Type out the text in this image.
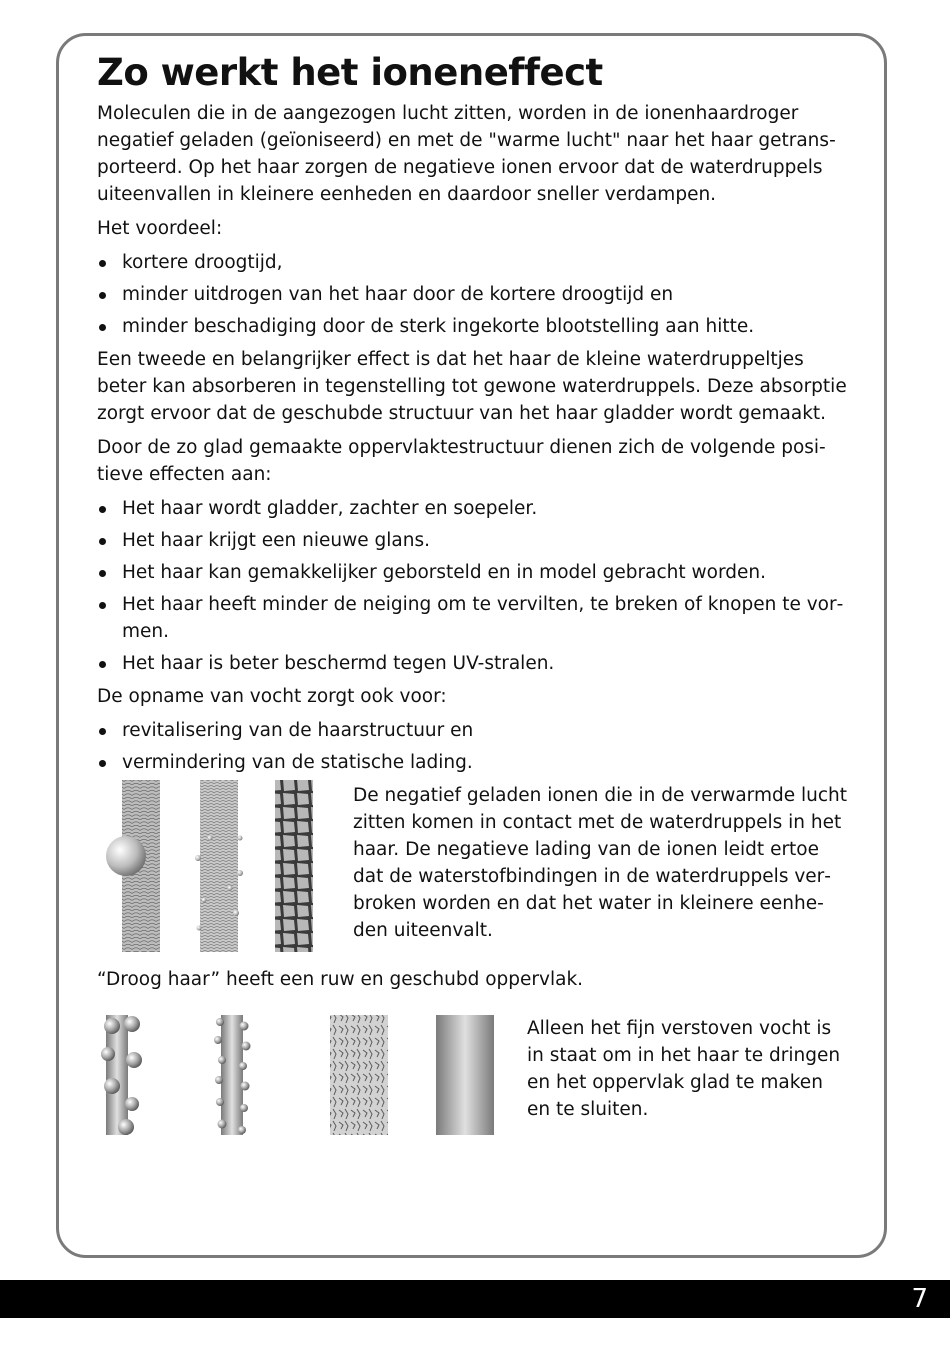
Zo werkt het ioneneffect

Moleculen die in de aangezogen lucht zitten, worden in de ionenhaardroger negatief geladen (geïoniseerd) en met de "warme lucht" naar het haar getransporteerd. Op het haar zorgen de negatieve ionen ervoor dat de waterdruppels uiteenvallen in kleinere eenheden en daardoor sneller verdampen.

Het voordeel:

kortere droogtijd,
minder uitdrogen van het haar door de kortere droogtijd en
minder beschadiging door de sterk ingekorte blootstelling aan hitte.

Een tweede en belangrijker effect is dat het haar de kleine waterdruppeltjes beter kan absorberen in tegenstelling tot gewone waterdruppels. Deze absorptie zorgt ervoor dat de geschubde structuur van het haar gladder wordt gemaakt.

Door de zo glad gemaakte oppervlaktestructuur dienen zich de volgende positieve effecten aan:

Het haar wordt gladder, zachter en soepeler.
Het haar krijgt een nieuwe glans.
Het haar kan gemakkelijker geborsteld en in model gebracht worden.
Het haar heeft minder de neiging om te vervilten, te breken of knopen te vormen.
Het haar is beter beschermd tegen UV-stralen.

De opname van vocht zorgt ook voor:

revitalisering van de haarstructuur en
vermindering van de statische lading.
De negatief geladen ionen die in de verwarmde lucht zitten komen in contact met de waterdruppels in het haar. De negatieve lading van de ionen leidt ertoe dat de waterstofbindingen in de waterdruppels verbroken worden en dat het water in kleinere eenheden uiteenvalt.
“Droog haar” heeft een ruw en geschubd oppervlak.
Alleen het fijn verstoven vocht is in staat om in het haar te dringen en het oppervlak glad te maken en te sluiten.
7
